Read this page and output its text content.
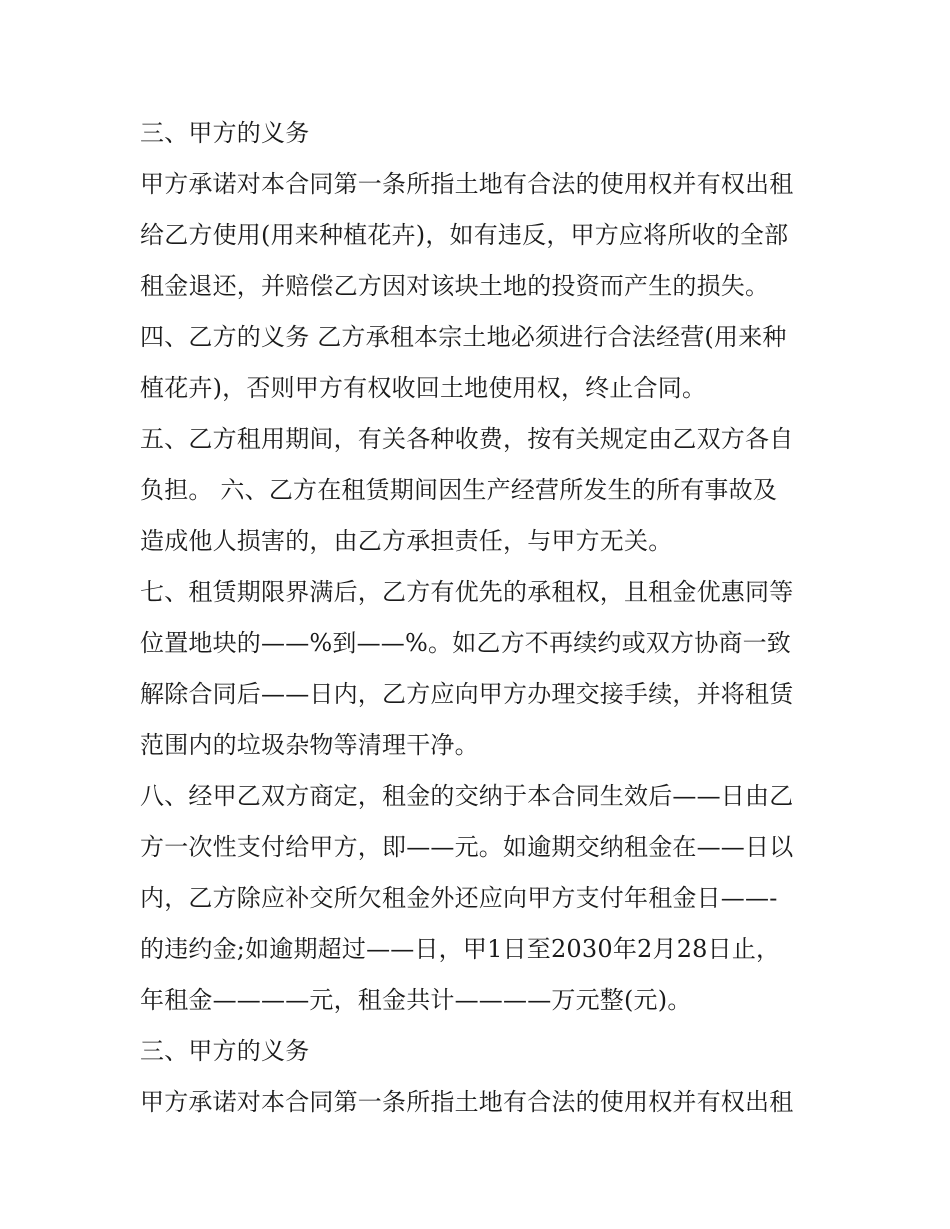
三、甲方的义务
甲方承诺对本合同第一条所指土地有合法的使用权并有权出租
给乙方使用(用来种植花卉)，如有违反，甲方应将所收的全部
租金退还，并赔偿乙方因对该块土地的投资而产生的损失。
四、乙方的义务 乙方承租本宗土地必须进行合法经营(用来种
植花卉)，否则甲方有权收回土地使用权，终止合同。
五、乙方租用期间，有关各种收费，按有关规定由乙双方各自
负担。 六、乙方在租赁期间因生产经营所发生的所有事故及
造成他人损害的，由乙方承担责任，与甲方无关。
七、租赁期限界满后，乙方有优先的承租权，且租金优惠同等
位置地块的——%到——%。如乙方不再续约或双方协商一致
解除合同后——日内，乙方应向甲方办理交接手续，并将租赁
范围内的垃圾杂物等清理干净。
八、经甲乙双方商定，租金的交纳于本合同生效后——日由乙
方一次性支付给甲方，即——元。如逾期交纳租金在——日以
内，乙方除应补交所欠租金外还应向甲方支付年租金日——-
的违约金;如逾期超过——日，甲1日至2030年2月28日止，
年租金————元，租金共计————万元整(元)。
三、甲方的义务
甲方承诺对本合同第一条所指土地有合法的使用权并有权出租
